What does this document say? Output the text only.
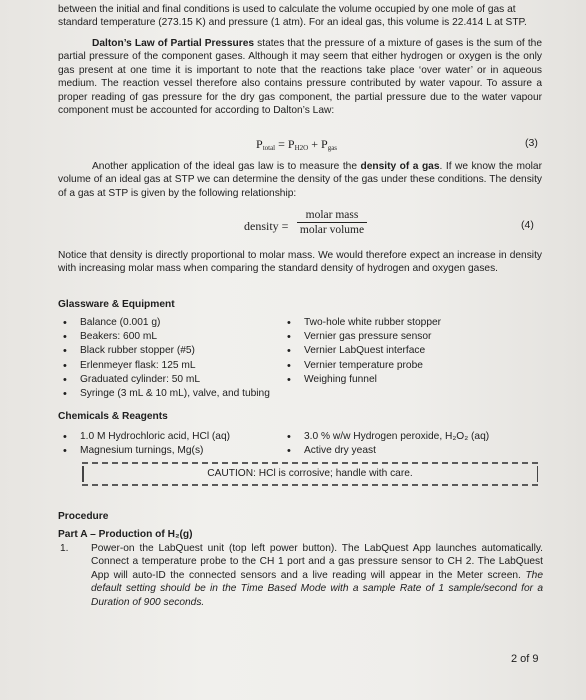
between the initial and final conditions is used to calculate the volume occupied by one mole of gas at
standard temperature (273.15 K) and pressure (1 atm). For an ideal gas, this volume is 22.414 L at STP.
Dalton’s Law of Partial Pressures states that the pressure of a mixture of gases is the sum of the partial pressure of the component gases. Although it may seem that either hydrogen or oxygen is the only gas present at one time it is important to note that the reactions take place ‘over water’ or in aqueous medium. The reaction vessel therefore also contains pressure contributed by water vapour. To assure a proper reading of gas pressure for the dry gas component, the partial pressure due to the water vapour component must be accounted for according to Dalton’s Law:
$P_{total} = P_{H2O} + P_{gas}$	(3)
Another application of the ideal gas law is to measure the density of a gas. If we know the molar volume of an ideal gas at STP we can determine the density of the gas under these conditions. The density of a gas at STP is given by the following relationship:
density =
molar mass
molar volume	(4)
Notice that density is directly proportional to molar mass. We would therefore expect an increase in density with increasing molar mass when comparing the standard density of hydrogen and oxygen gases.
Glassware & Equipment
• Balance (0.001 g)
• Beakers: 600 mL
• Black rubber stopper (#5)
• Erlenmeyer flask: 125 mL
• Graduated cylinder: 50 mL
• Syringe (3 mL & 10 mL), valve, and tubing
• Two-hole white rubber stopper
• Vernier gas pressure sensor
• Vernier LabQuest interface
• Vernier temperature probe
• Weighing funnel
Chemicals & Reagents
• 1.0 M Hydrochloric acid, HCl (aq)
• Magnesium turnings, Mg(s)
• 3.0 % w/w Hydrogen peroxide, H₂O₂ (aq)
• Active dry yeast
CAUTION: HCl is corrosive; handle with care.
Procedure
Part A – Production of H₂(g)
1. Power-on the LabQuest unit (top left power button). The LabQuest App launches automatically. Connect a temperature probe to the CH 1 port and a gas pressure sensor to CH 2. The LabQuest App will auto-ID the connected sensors and a live reading will appear in the Meter screen. The default setting should be in the Time Based Mode with a sample Rate of 1 sample/second for a Duration of 900 seconds.
2 of 9
